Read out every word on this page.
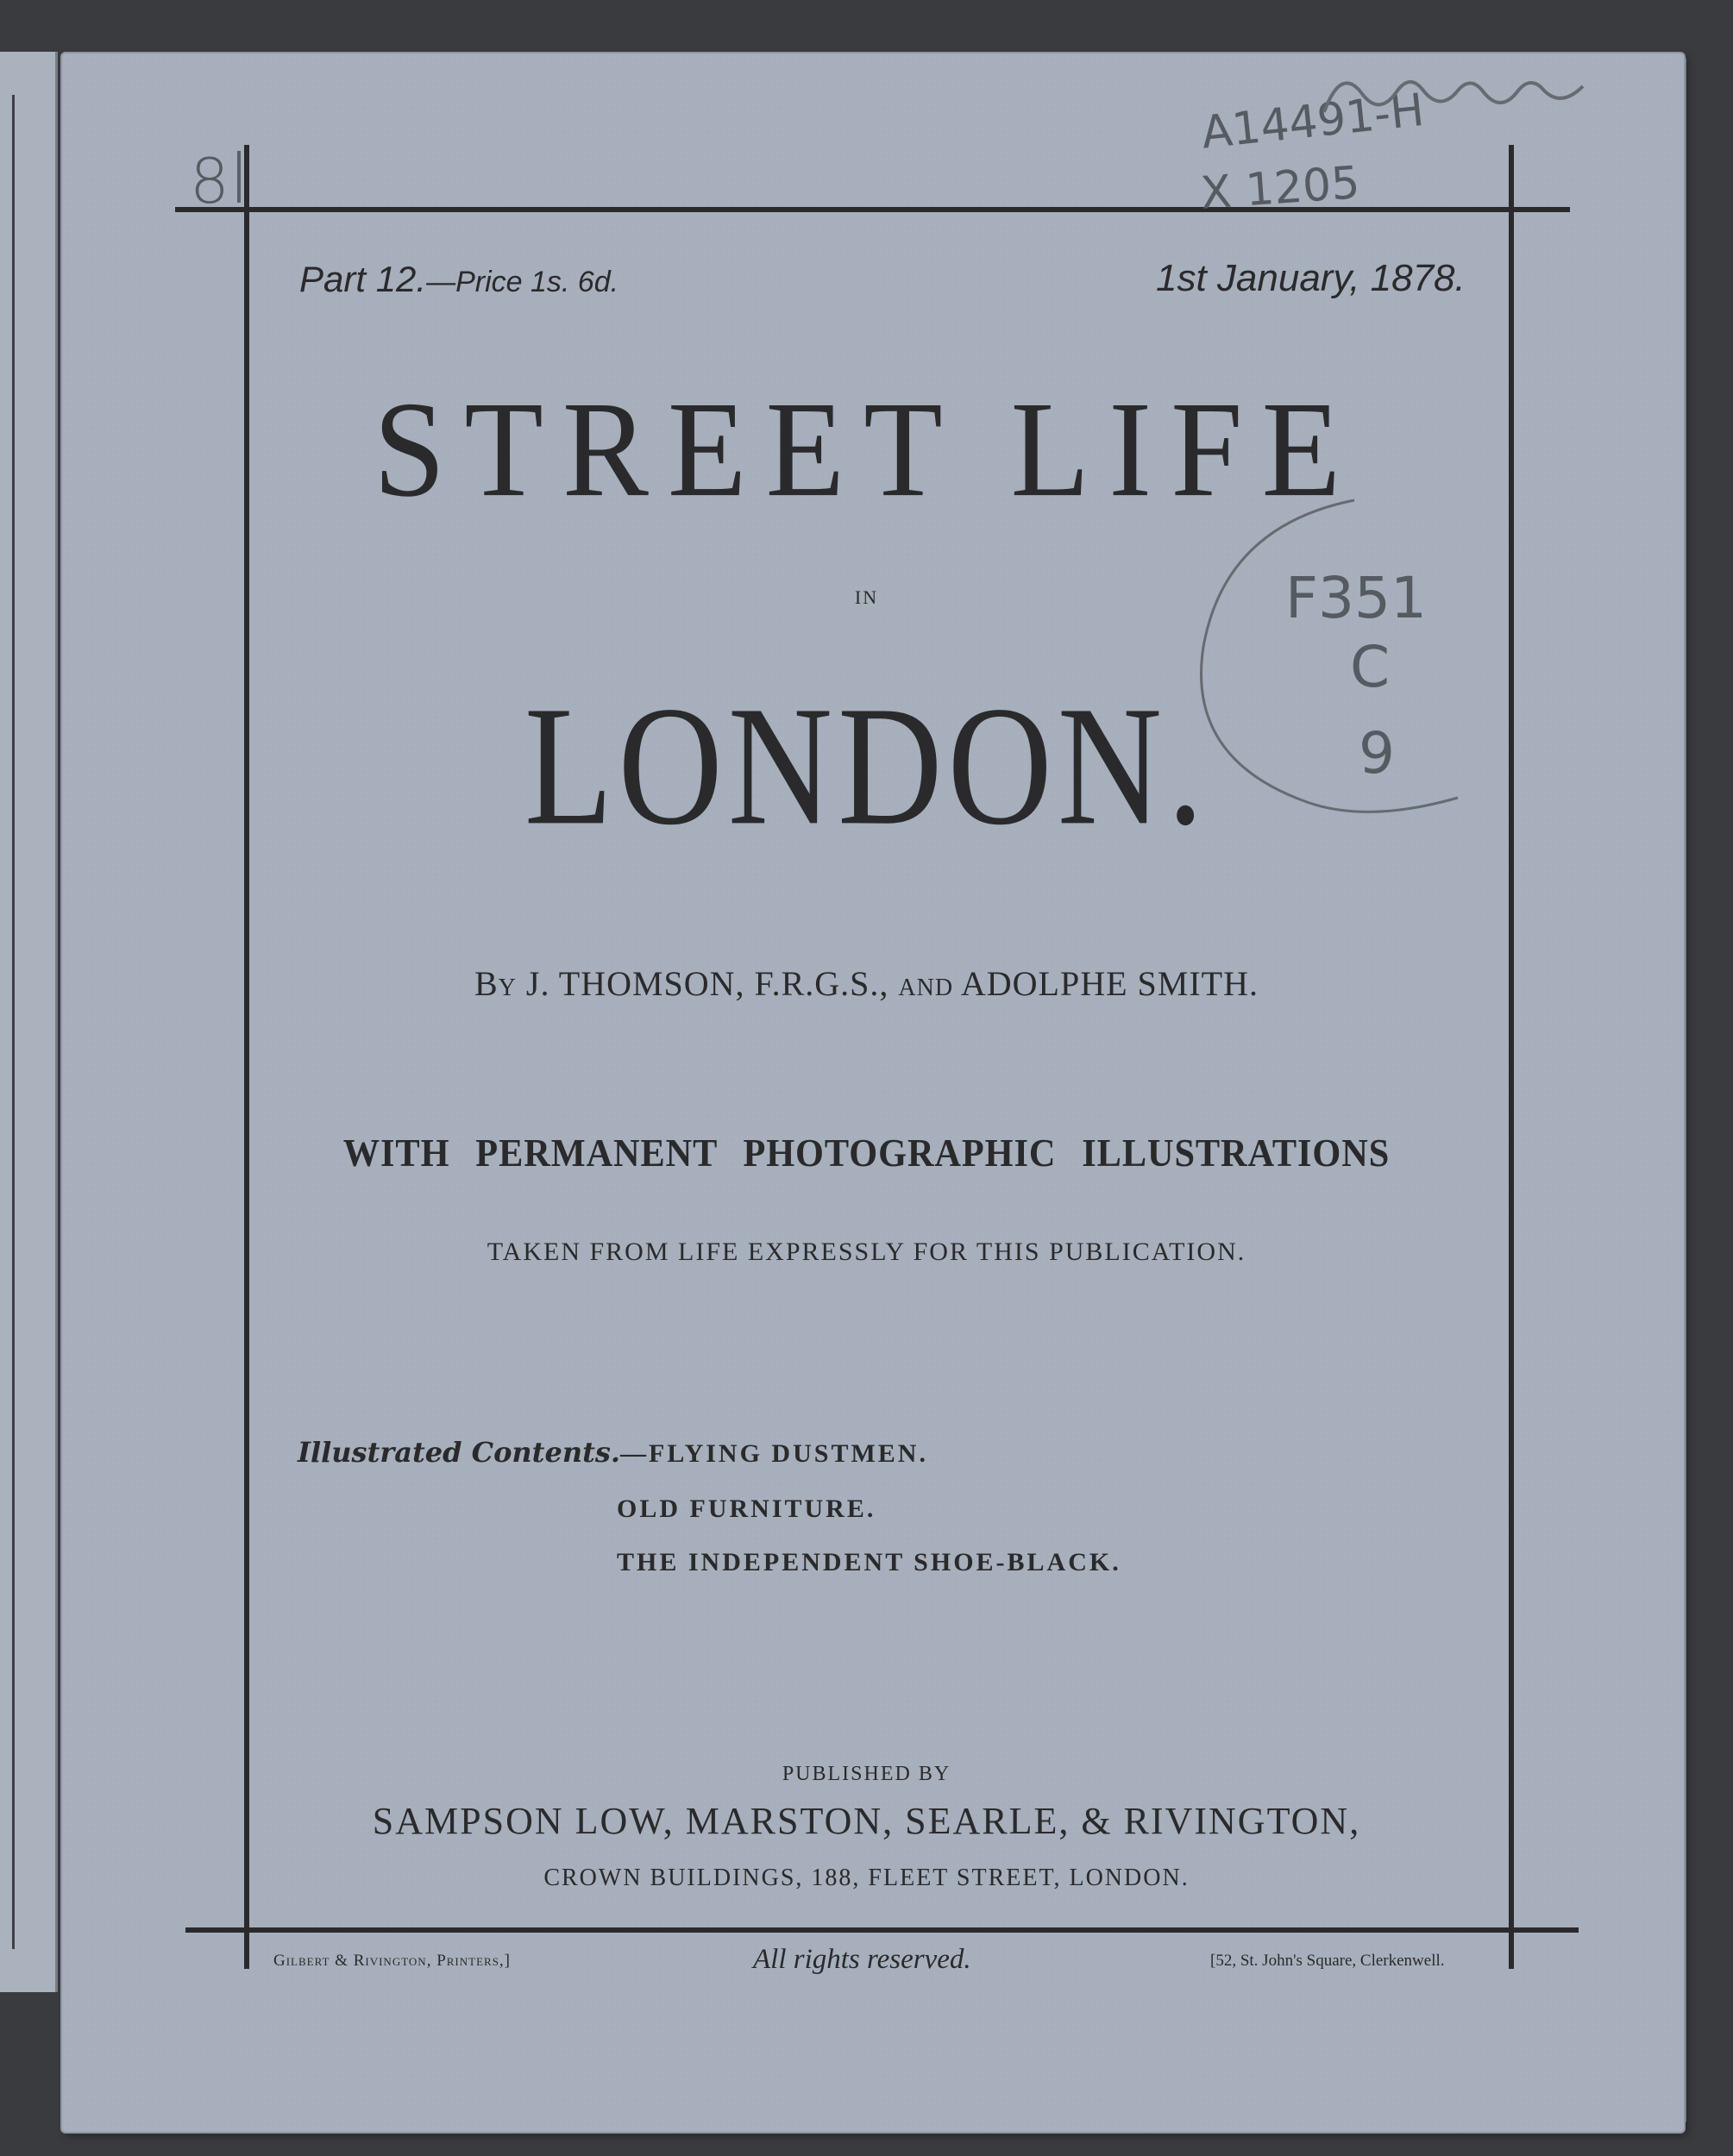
Part 12.—Price 1s. 6d.	1st January, 1878.
STREET LIFE
IN
LONDON.
By J. THOMSON, F.R.G.S., and ADOLPHE SMITH.
WITH PERMANENT PHOTOGRAPHIC ILLUSTRATIONS
TAKEN FROM LIFE EXPRESSLY FOR THIS PUBLICATION.
Illustrated Contents.—FLYING DUSTMEN.
OLD FURNITURE.
THE INDEPENDENT SHOE-BLACK.
PUBLISHED BY
SAMPSON LOW, MARSTON, SEARLE, & RIVINGTON,
CROWN BUILDINGS, 188, FLEET STREET, LONDON.
Gilbert & Rivington, Printers,]	All rights reserved.	[52, St. John's Square, Clerkenwell.
8
A14491-H
X 1205
F351
C
9
